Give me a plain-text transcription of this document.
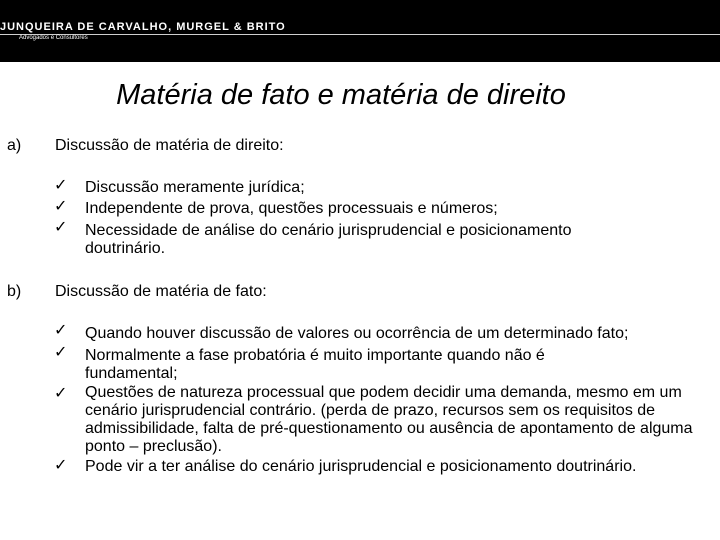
JUNQUEIRA DE CARVALHO, MURGEL & BRITO
Advogados e Consultores
Matéria de fato e matéria de direito
a) Discussão de matéria de direito:
✓ Discussão meramente jurídica;
✓ Independente de prova, questões processuais e números;
✓ Necessidade de análise do cenário jurisprudencial e posicionamento doutrinário.
b) Discussão de matéria de fato:
✓ Quando houver discussão de valores ou ocorrência de um determinado fato;
✓ Normalmente a fase probatória é muito importante quando não é fundamental;
✓ Questões de natureza processual que podem decidir uma demanda, mesmo em um cenário jurisprudencial contrário. (perda de prazo, recursos sem os requisitos de admissibilidade, falta de pré-questionamento ou ausência de apontamento de alguma ponto – preclusão).
✓ Pode vir a ter análise do cenário jurisprudencial e posicionamento doutrinário.
